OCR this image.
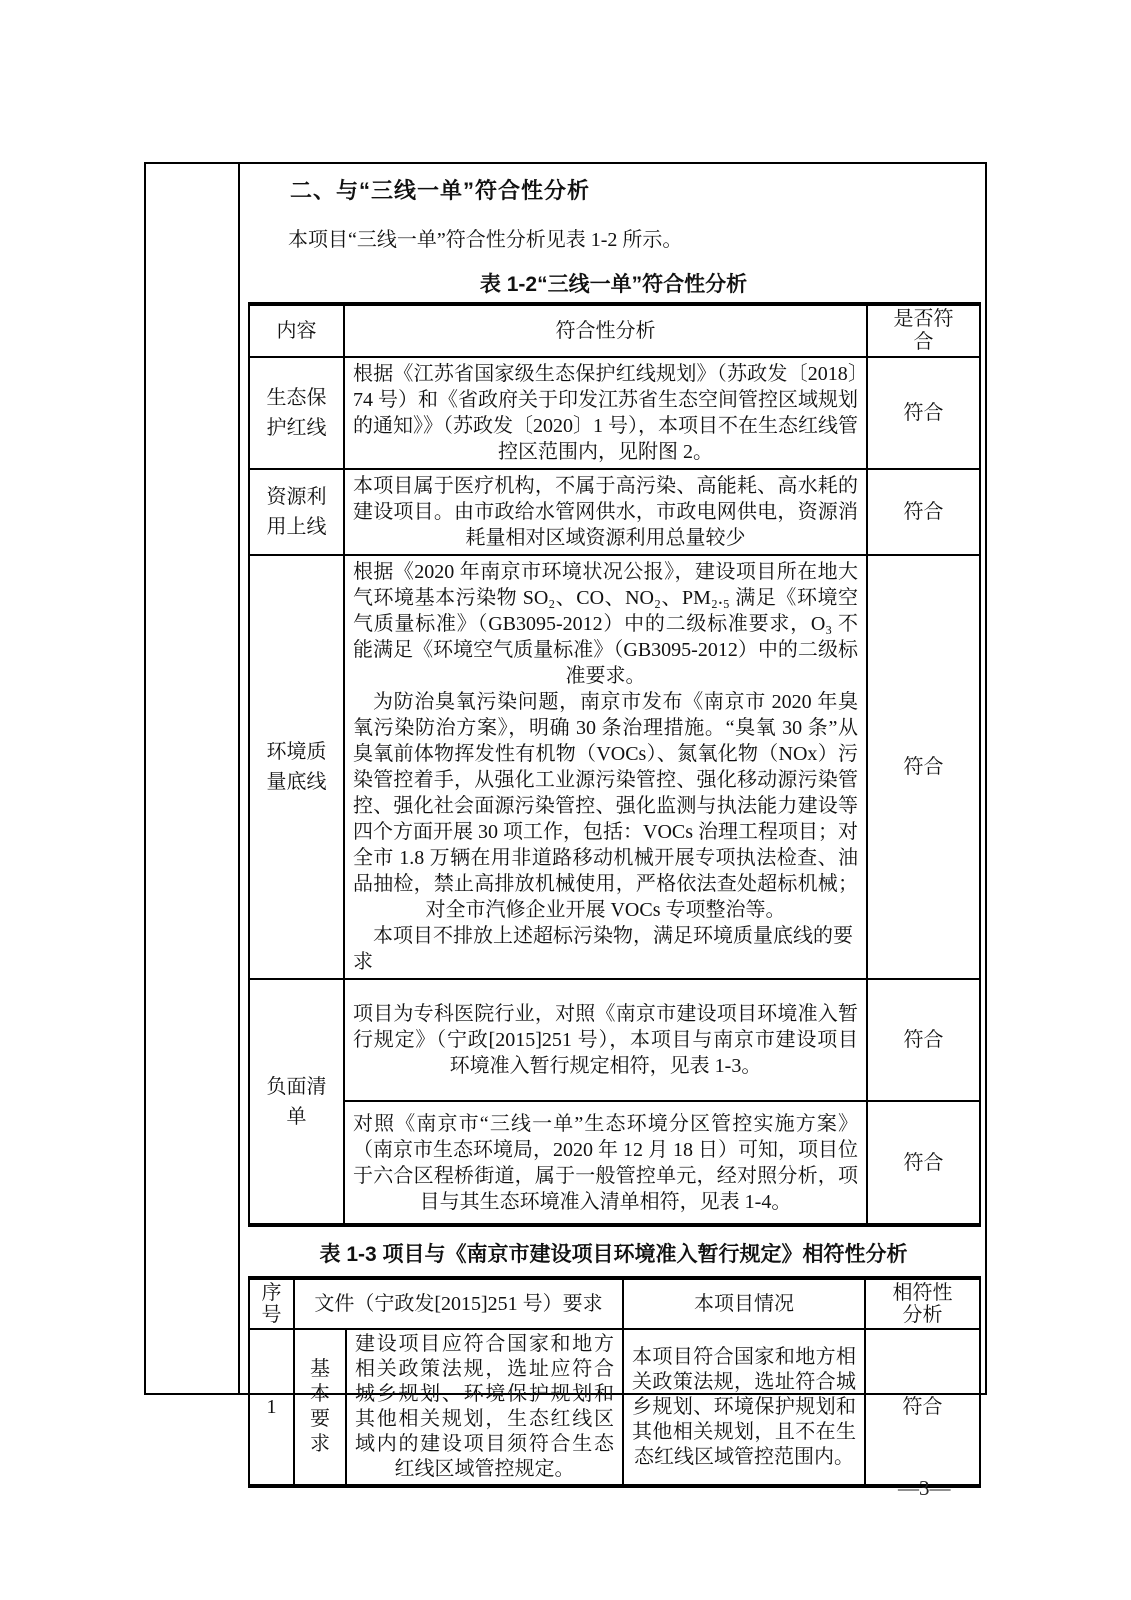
二、与“三线一单”符合性分析

本项目“三线一单”符合性分析见表 1-2 所示。

表 1-2“三线一单”符合性分析
内容	符合性分析	是否符合
生态保护红线	根据《江苏省国家级生态保护红线规划》（苏政发〔2018〕74 号）和《省政府关于印发江苏省生态空间管控区域规划的通知》》（苏政发〔2020〕1 号），本项目不在生态红线管控区范围内，见附图 2。	符合
资源利用上线	本项目属于医疗机构，不属于高污染、高能耗、高水耗的建设项目。由市政给水管网供水，市政电网供电，资源消耗量相对区域资源利用总量较少	符合
环境质量底线	根据《2020 年南京市环境状况公报》，建设项目所在地大气环境基本污染物 SO₂、CO、NO₂、PM₂.₅ 满足《环境空气质量标准》（GB3095-2012）中的二级标准要求，O₃ 不能满足《环境空气质量标准》（GB3095-2012）中的二级标准要求。

为防治臭氧污染问题，南京市发布《南京市 2020 年臭氧污染防治方案》，明确 30 条治理措施。“臭氧 30 条”从臭氧前体物挥发性有机物（VOCs）、氮氧化物（NOx）污染管控着手，从强化工业源污染管控、强化移动源污染管控、强化社会面源污染管控、强化监测与执法能力建设等四个方面开展 30 项工作，包括：VOCs 治理工程项目；对全市 1.8 万辆在用非道路移动机械开展专项执法检查、油品抽检，禁止高排放机械使用，严格依法查处超标机械；对全市汽修企业开展 VOCs 专项整治等。

本项目不排放上述超标污染物，满足环境质量底线的要求	符合
负面清单	项目为专科医院行业，对照《南京市建设项目环境准入暂行规定》（宁政[2015]251 号），本项目与南京市建设项目环境准入暂行规定相符，见表 1-3。	符合

	对照《南京市“三线一单”生态环境分区管控实施方案》（南京市生态环境局，2020 年 12 月 18 日）可知，项目位于六合区程桥街道，属于一般管控单元，经对照分析，项目与其生态环境准入清单相符，见表 1-4。	符合
表 1-3 项目与《南京市建设项目环境准入暂行规定》相符性分析
序号	文件（宁政发[2015]251 号）要求		本项目情况	相符性分析
1	基本要求	建设项目应符合国家和地方相关政策法规，选址应符合城乡规划、环境保护规划和其他相关规划，生态红线区域内的建设项目须符合生态红线区域管控规定。	本项目符合国家和地方相关政策法规，选址符合城乡规划、环境保护规划和其他相关规划，且不在生态红线区域管控范围内。	符合
—3—
